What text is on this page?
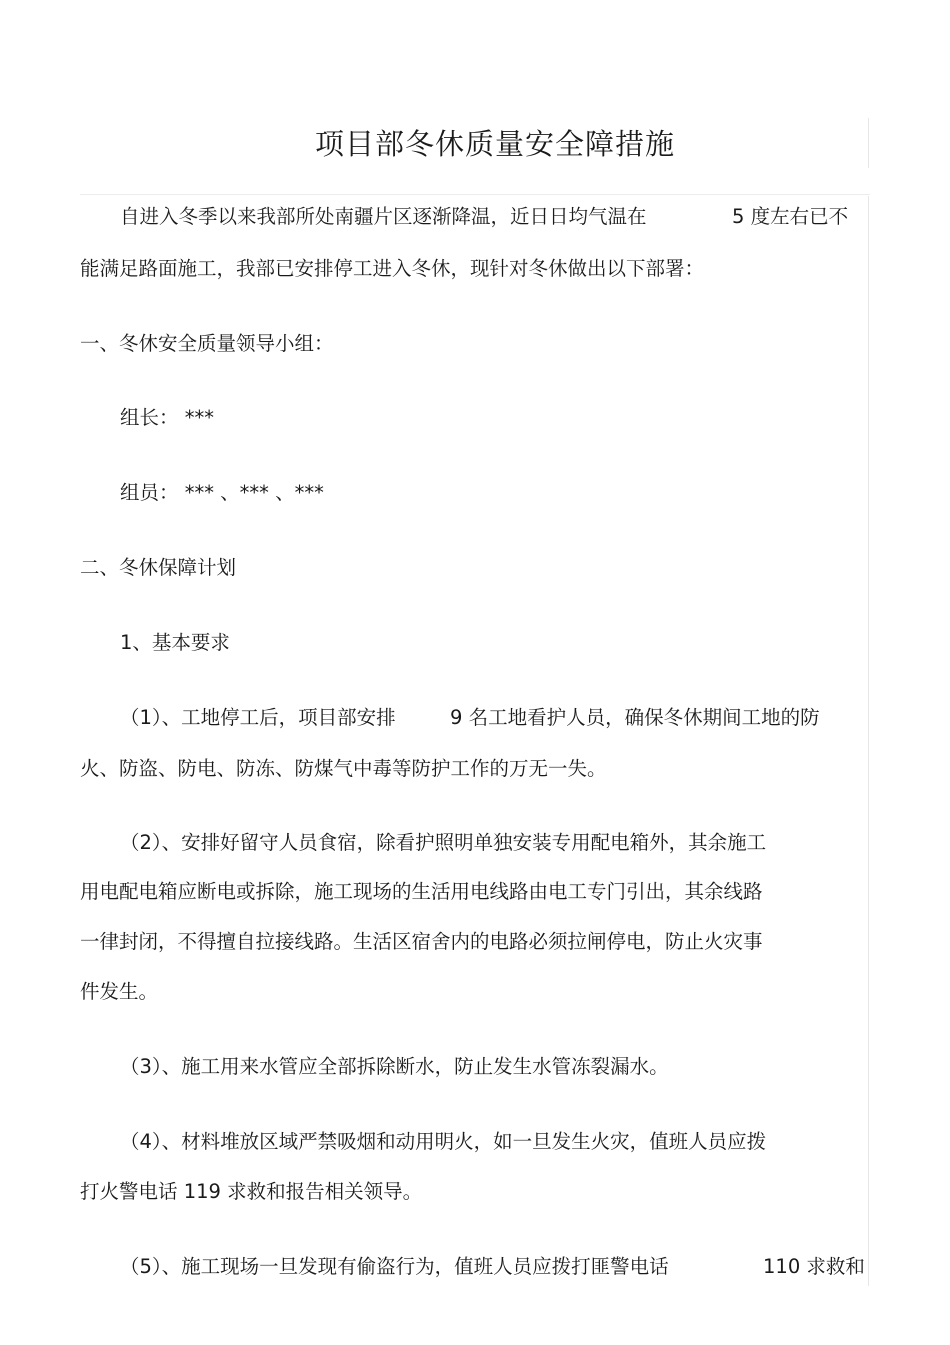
项目部冬休质量安全障措施
自进入冬季以来我部所处南疆片区逐渐降温，近日日均气温在	5 度左右已不
能满足路面施工，我部已安排停工进入冬休，现针对冬休做出以下部署：
一、冬休安全质量领导小组：
组长： ***
组员： *** 、*** 、***
二、冬休保障计划
1、基本要求
（1）、工地停工后，项目部安排	9 名工地看护人员，确保冬休期间工地的防
火、防盗、防电、防冻、防煤气中毒等防护工作的万无一失。
（2）、安排好留守人员食宿，除看护照明单独安装专用配电箱外，其余施工
用电配电箱应断电或拆除，施工现场的生活用电线路由电工专门引出，其余线路
一律封闭，不得擅自拉接线路。生活区宿舍内的电路必须拉闸停电，防止火灾事
件发生。
（3）、施工用来水管应全部拆除断水，防止发生水管冻裂漏水。
（4）、材料堆放区域严禁吸烟和动用明火，如一旦发生火灾，值班人员应拨
打火警电话 119 求救和报告相关领导。
（5）、施工现场一旦发现有偷盗行为，值班人员应拨打匪警电话	110 求救和
